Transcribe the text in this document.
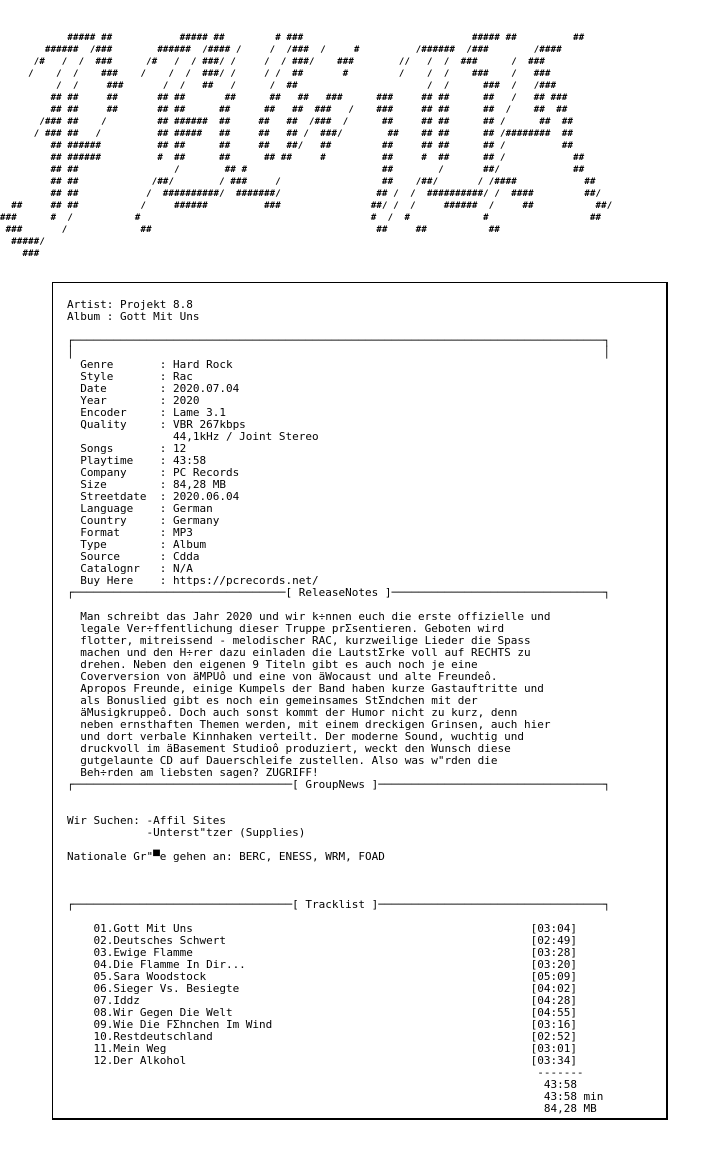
##### ##            ##### ##         # ###                              ##### ##          ##
######  /###        ######  /#### /     /  /###  /     #          /######  /###        /####
/#   /  /  ###      /#   /  / ###/ /     /  / ###/    ###        //   /  /  ###      /  ###
/    /  /    ###    /    /  /  ###/ /     / /  ##       #         /    /  /    ###    /   ###
/  /     ###       /  /   ##   /      /  ##                       /  /      ###  /   /###
## ##     ##       ## ##       ##      ##   ##   ###      ###     ## ##      ##   /   ## ###
## ##     ##       ## ##      ##      ##   ##  ###   /    ###     ## ##      ##  /    ##  ##
/### ##    /         ## ######  ##     ##   ##  /###  /      ##     ## ##      ## /      ##  ##
/ ### ##   /          ## #####   ##     ##   ## /  ###/        ##    ## ##      ## /########  ##
## ######          ## ##      ##     ##   ##/   ##         ##     ## ##      ## /          ##
## ######          #  ##      ##      ## ##     #          ##     #  ##      ## /            ##
## ##                 /        ## #                        ##        /       ##/             ##
## ##             /##/        / ###     /                  ##    /##/       / /####            ##
## ##            /  ##########/  #######/                 ## /  /  ##########/ /  ####         ##/
##     ## ##           /     ######          ###                ##/ /  /     ######  /     ##           ##/
###      #  /           #                                         #  /  #             #                  ##
###       /             ##                                        ##     ##           ##
#####/
###

Artist: Projekt 8.8
Album : Gott Mit Uns

┌────────────────────────────────────────────────────────────────────────────────┐
│                                                                                │
Genre       : Hard Rock
Style       : Rac
Date        : 2020.07.04
Year        : 2020
Encoder     : Lame 3.1
Quality     : VBR 267kbps
44,1kHz / Joint Stereo
Songs       : 12
Playtime    : 43:58
Company     : PC Records
Size        : 84,28 MB
Streetdate  : 2020.06.04
Language    : German
Country     : Germany
Format      : MP3
Type        : Album
Source      : Cdda
Catalognr   : N/A
Buy Here    : https://pcrecords.net/
┌────────────────────────────────[ ReleaseNotes ]────────────────────────────────┐

Man schreibt das Jahr 2020 und wir k÷nnen euch die erste offizielle und
legale Ver÷ffentlichung dieser Truppe prΣsentieren. Geboten wird
flotter, mitreissend - melodischer RAC, kurzweilige Lieder die Spass
machen und den H÷rer dazu einladen die LautstΣrke voll auf RECHTS zu
drehen. Neben den eigenen 9 Titeln gibt es auch noch je eine
Coverversion von äMPUô und eine von äWocaust und alte Freundeô.
Apropos Freunde, einige Kumpels der Band haben kurze Gastauftritte und
als Bonuslied gibt es noch ein gemeinsames StΣndchen mit der
äMusigkruppeô. Doch auch sonst kommt der Humor nicht zu kurz, denn
neben ernsthaften Themen werden, mit einem dreckigen Grinsen, auch hier
und dort verbale Kinnhaken verteilt. Der moderne Sound, wuchtig und
druckvoll im äBasement Studioô produziert, weckt den Wunsch diese
gutgelaunte CD auf Dauerschleife zustellen. Also was w"rden die
Beh÷rden am liebsten sagen? ZUGRIFF!
┌─────────────────────────────────[ GroupNews ]──────────────────────────────────┐

Wir Suchen: -Affil Sites
-Unterst"tzer (Supplies)

Nationale Gr"▀e gehen an: BERC, ENESS, WRM, FOAD

┌─────────────────────────────────[ Tracklist ]──────────────────────────────────┐

01.Gott Mit Uns                                                   [03:04]
02.Deutsches Schwert                                              [02:49]
03.Ewige Flamme                                                   [03:28]
04.Die Flamme In Dir...                                           [03:20]
05.Sara Woodstock                                                 [05:09]
06.Sieger Vs. Besiegte                                            [04:02]
07.Iddz                                                           [04:28]
08.Wir Gegen Die Welt                                             [04:55]
09.Wie Die FΣhnchen Im Wind                                       [03:16]
10.Restdeutschland                                                [02:52]
11.Mein Weg                                                       [03:01]
12.Der Alkohol                                                    [03:34]
-------
43:58
43:58 min
84,28 MB
